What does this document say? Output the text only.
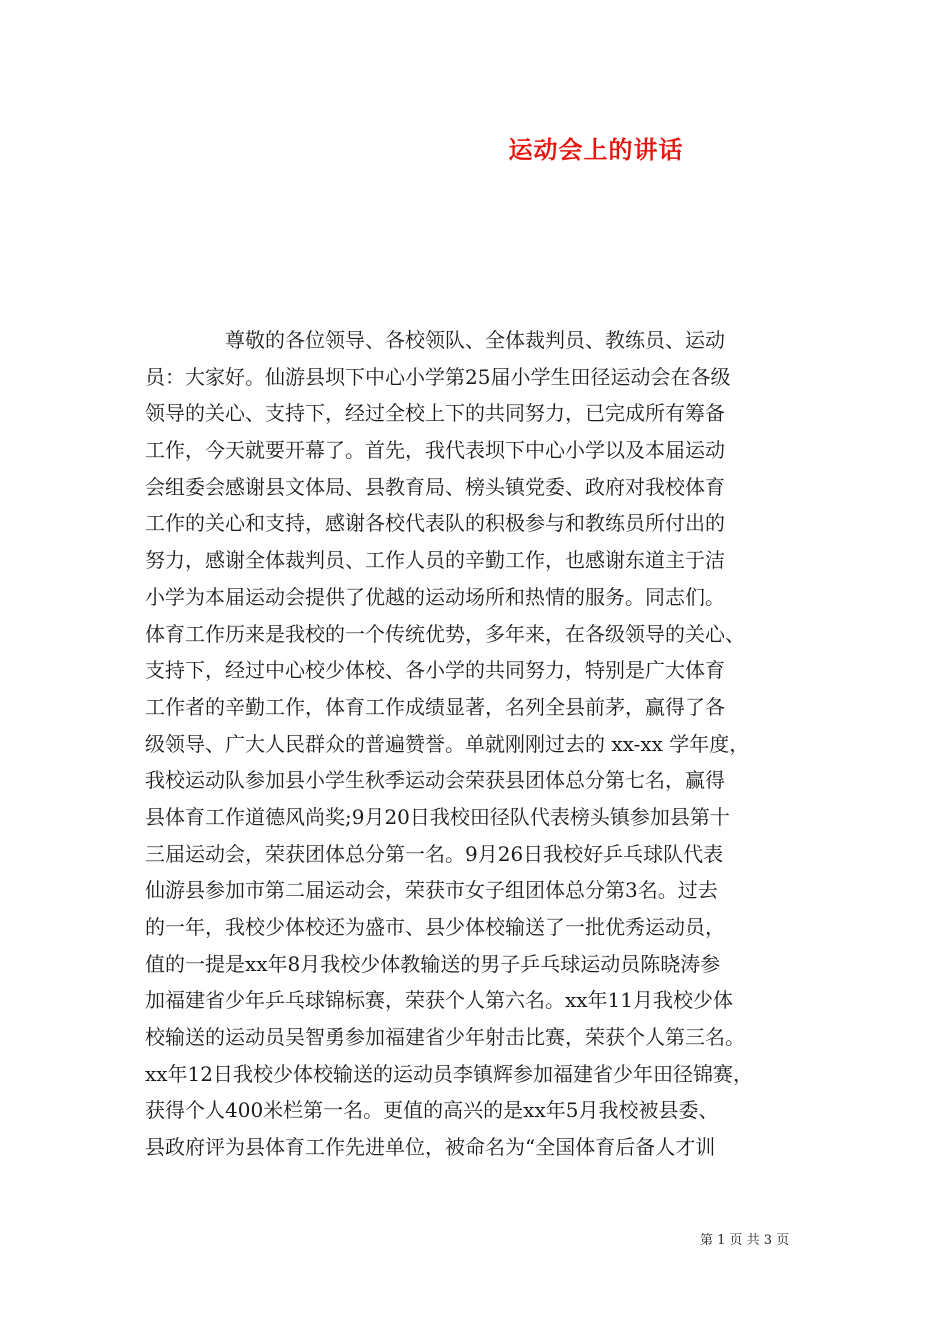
运动会上的讲话
尊敬的各位领导、各校领队、全体裁判员、教练员、运动
员：大家好。仙游县坝下中心小学第25届小学生田径运动会在各级
领导的关心、支持下，经过全校上下的共同努力，已完成所有筹备
工作，今天就要开幕了。首先，我代表坝下中心小学以及本届运动
会组委会感谢县文体局、县教育局、榜头镇党委、政府对我校体育
工作的关心和支持，感谢各校代表队的积极参与和教练员所付出的
努力，感谢全体裁判员、工作人员的辛勤工作，也感谢东道主于洁
小学为本届运动会提供了优越的运动场所和热情的服务。同志们。
体育工作历来是我校的一个传统优势，多年来，在各级领导的关心、
支持下，经过中心校少体校、各小学的共同努力，特别是广大体育
工作者的辛勤工作，体育工作成绩显著，名列全县前茅，赢得了各
级领导、广大人民群众的普遍赞誉。单就刚刚过去的 xx-xx 学年度，
我校运动队参加县小学生秋季运动会荣获县团体总分第七名，赢得
县体育工作道德风尚奖;9月20日我校田径队代表榜头镇参加县第十
三届运动会，荣获团体总分第一名。9月26日我校好乒乓球队代表
仙游县参加市第二届运动会，荣获市女子组团体总分第3名。过去
的一年，我校少体校还为盛市、县少体校输送了一批优秀运动员，
值的一提是xx年8月我校少体教输送的男子乒乓球运动员陈晓涛参
加福建省少年乒乓球锦标赛，荣获个人第六名。xx年11月我校少体
校输送的运动员吴智勇参加福建省少年射击比赛，荣获个人第三名。
xx年12日我校少体校输送的运动员李镇辉参加福建省少年田径锦赛，
获得个人400米栏第一名。更值的高兴的是xx年5月我校被县委、
县政府评为县体育工作先进单位，被命名为“全国体育后备人才训
第 1 页 共 3 页
